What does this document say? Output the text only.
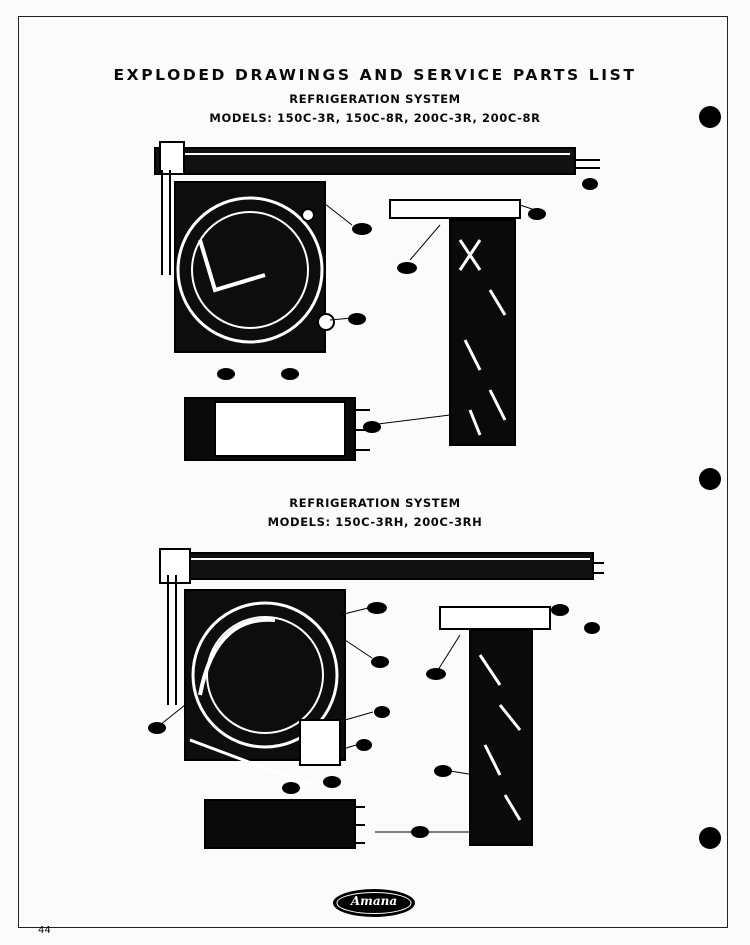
EXPLODED DRAWINGS AND SERVICE PARTS LIST
REFRIGERATION SYSTEM
MODELS: 150C-3R, 150C-8R, 200C-3R, 200C-8R
REFRIGERATION SYSTEM
MODELS: 150C-3RH, 200C-3RH
Amana
44
